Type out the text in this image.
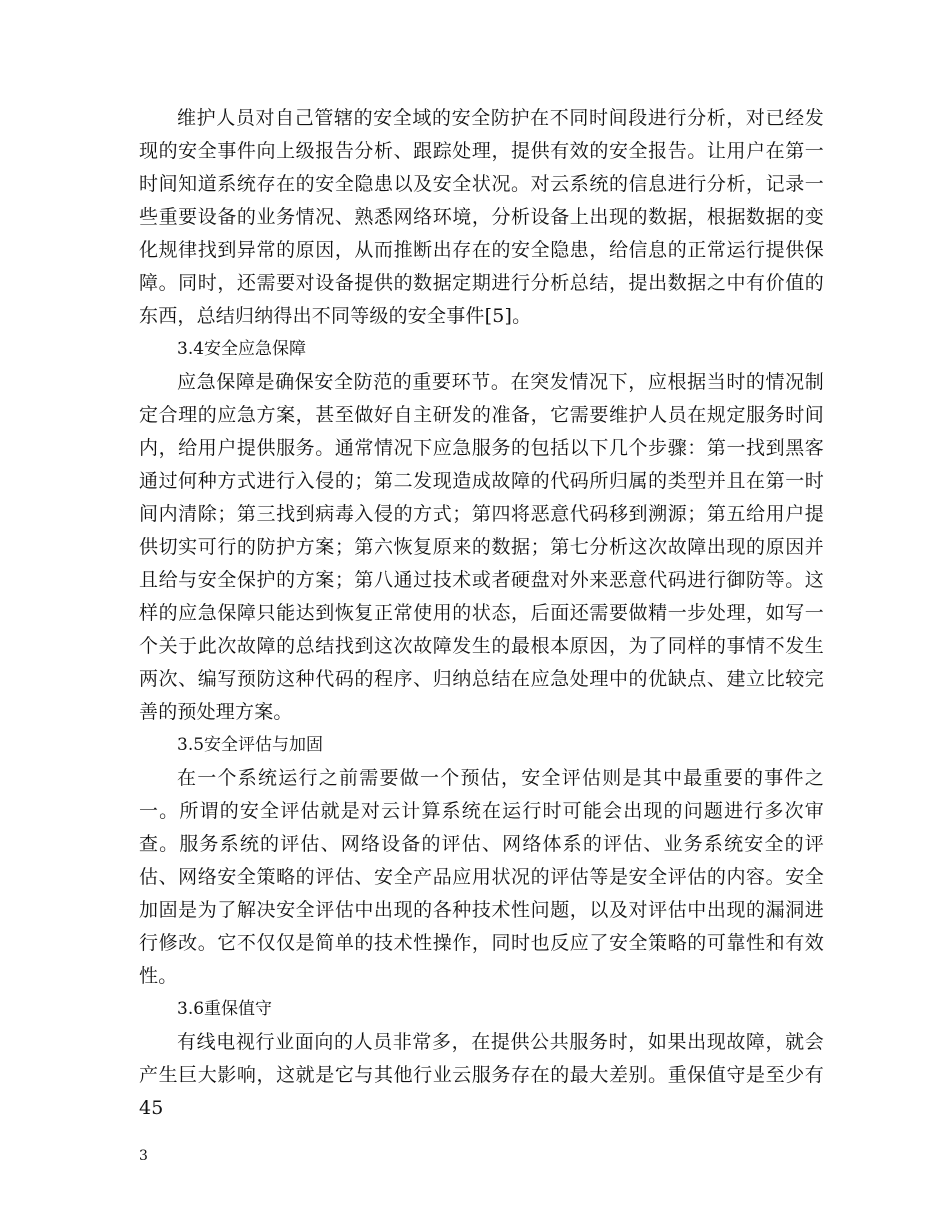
维护人员对自己管辖的安全域的安全防护在不同时间段进行分析，对已经发现的安全事件向上级报告分析、跟踪处理，提供有效的安全报告。让用户在第一时间知道系统存在的安全隐患以及安全状况。对云系统的信息进行分析，记录一些重要设备的业务情况、熟悉网络环境，分析设备上出现的数据，根据数据的变化规律找到异常的原因，从而推断出存在的安全隐患，给信息的正常运行提供保障。同时，还需要对设备提供的数据定期进行分析总结，提出数据之中有价值的东西，总结归纳得出不同等级的安全事件[5]。

3.4安全应急保障

应急保障是确保安全防范的重要环节。在突发情况下，应根据当时的情况制定合理的应急方案，甚至做好自主研发的准备，它需要维护人员在规定服务时间内，给用户提供服务。通常情况下应急服务的包括以下几个步骤：第一找到黑客通过何种方式进行入侵的；第二发现造成故障的代码所归属的类型并且在第一时间内清除；第三找到病毒入侵的方式；第四将恶意代码移到溯源；第五给用户提供切实可行的防护方案；第六恢复原来的数据；第七分析这次故障出现的原因并且给与安全保护的方案；第八通过技术或者硬盘对外来恶意代码进行御防等。这样的应急保障只能达到恢复正常使用的状态，后面还需要做精一步处理，如写一个关于此次故障的总结找到这次故障发生的最根本原因，为了同样的事情不发生两次、编写预防这种代码的程序、归纳总结在应急处理中的优缺点、建立比较完善的预处理方案。

3.5安全评估与加固

在一个系统运行之前需要做一个预估，安全评估则是其中最重要的事件之一。所谓的安全评估就是对云计算系统在运行时可能会出现的问题进行多次审查。服务系统的评估、网络设备的评估、网络体系的评估、业务系统安全的评估、网络安全策略的评估、安全产品应用状况的评估等是安全评估的内容。安全加固是为了解决安全评估中出现的各种技术性问题，以及对评估中出现的漏洞进行修改。它不仅仅是简单的技术性操作，同时也反应了安全策略的可靠性和有效性。

3.6重保值守

有线电视行业面向的人员非常多，在提供公共服务时，如果出现故障，就会产生巨大影响，这就是它与其他行业云服务存在的最大差别。重保值守是至少有45

3
